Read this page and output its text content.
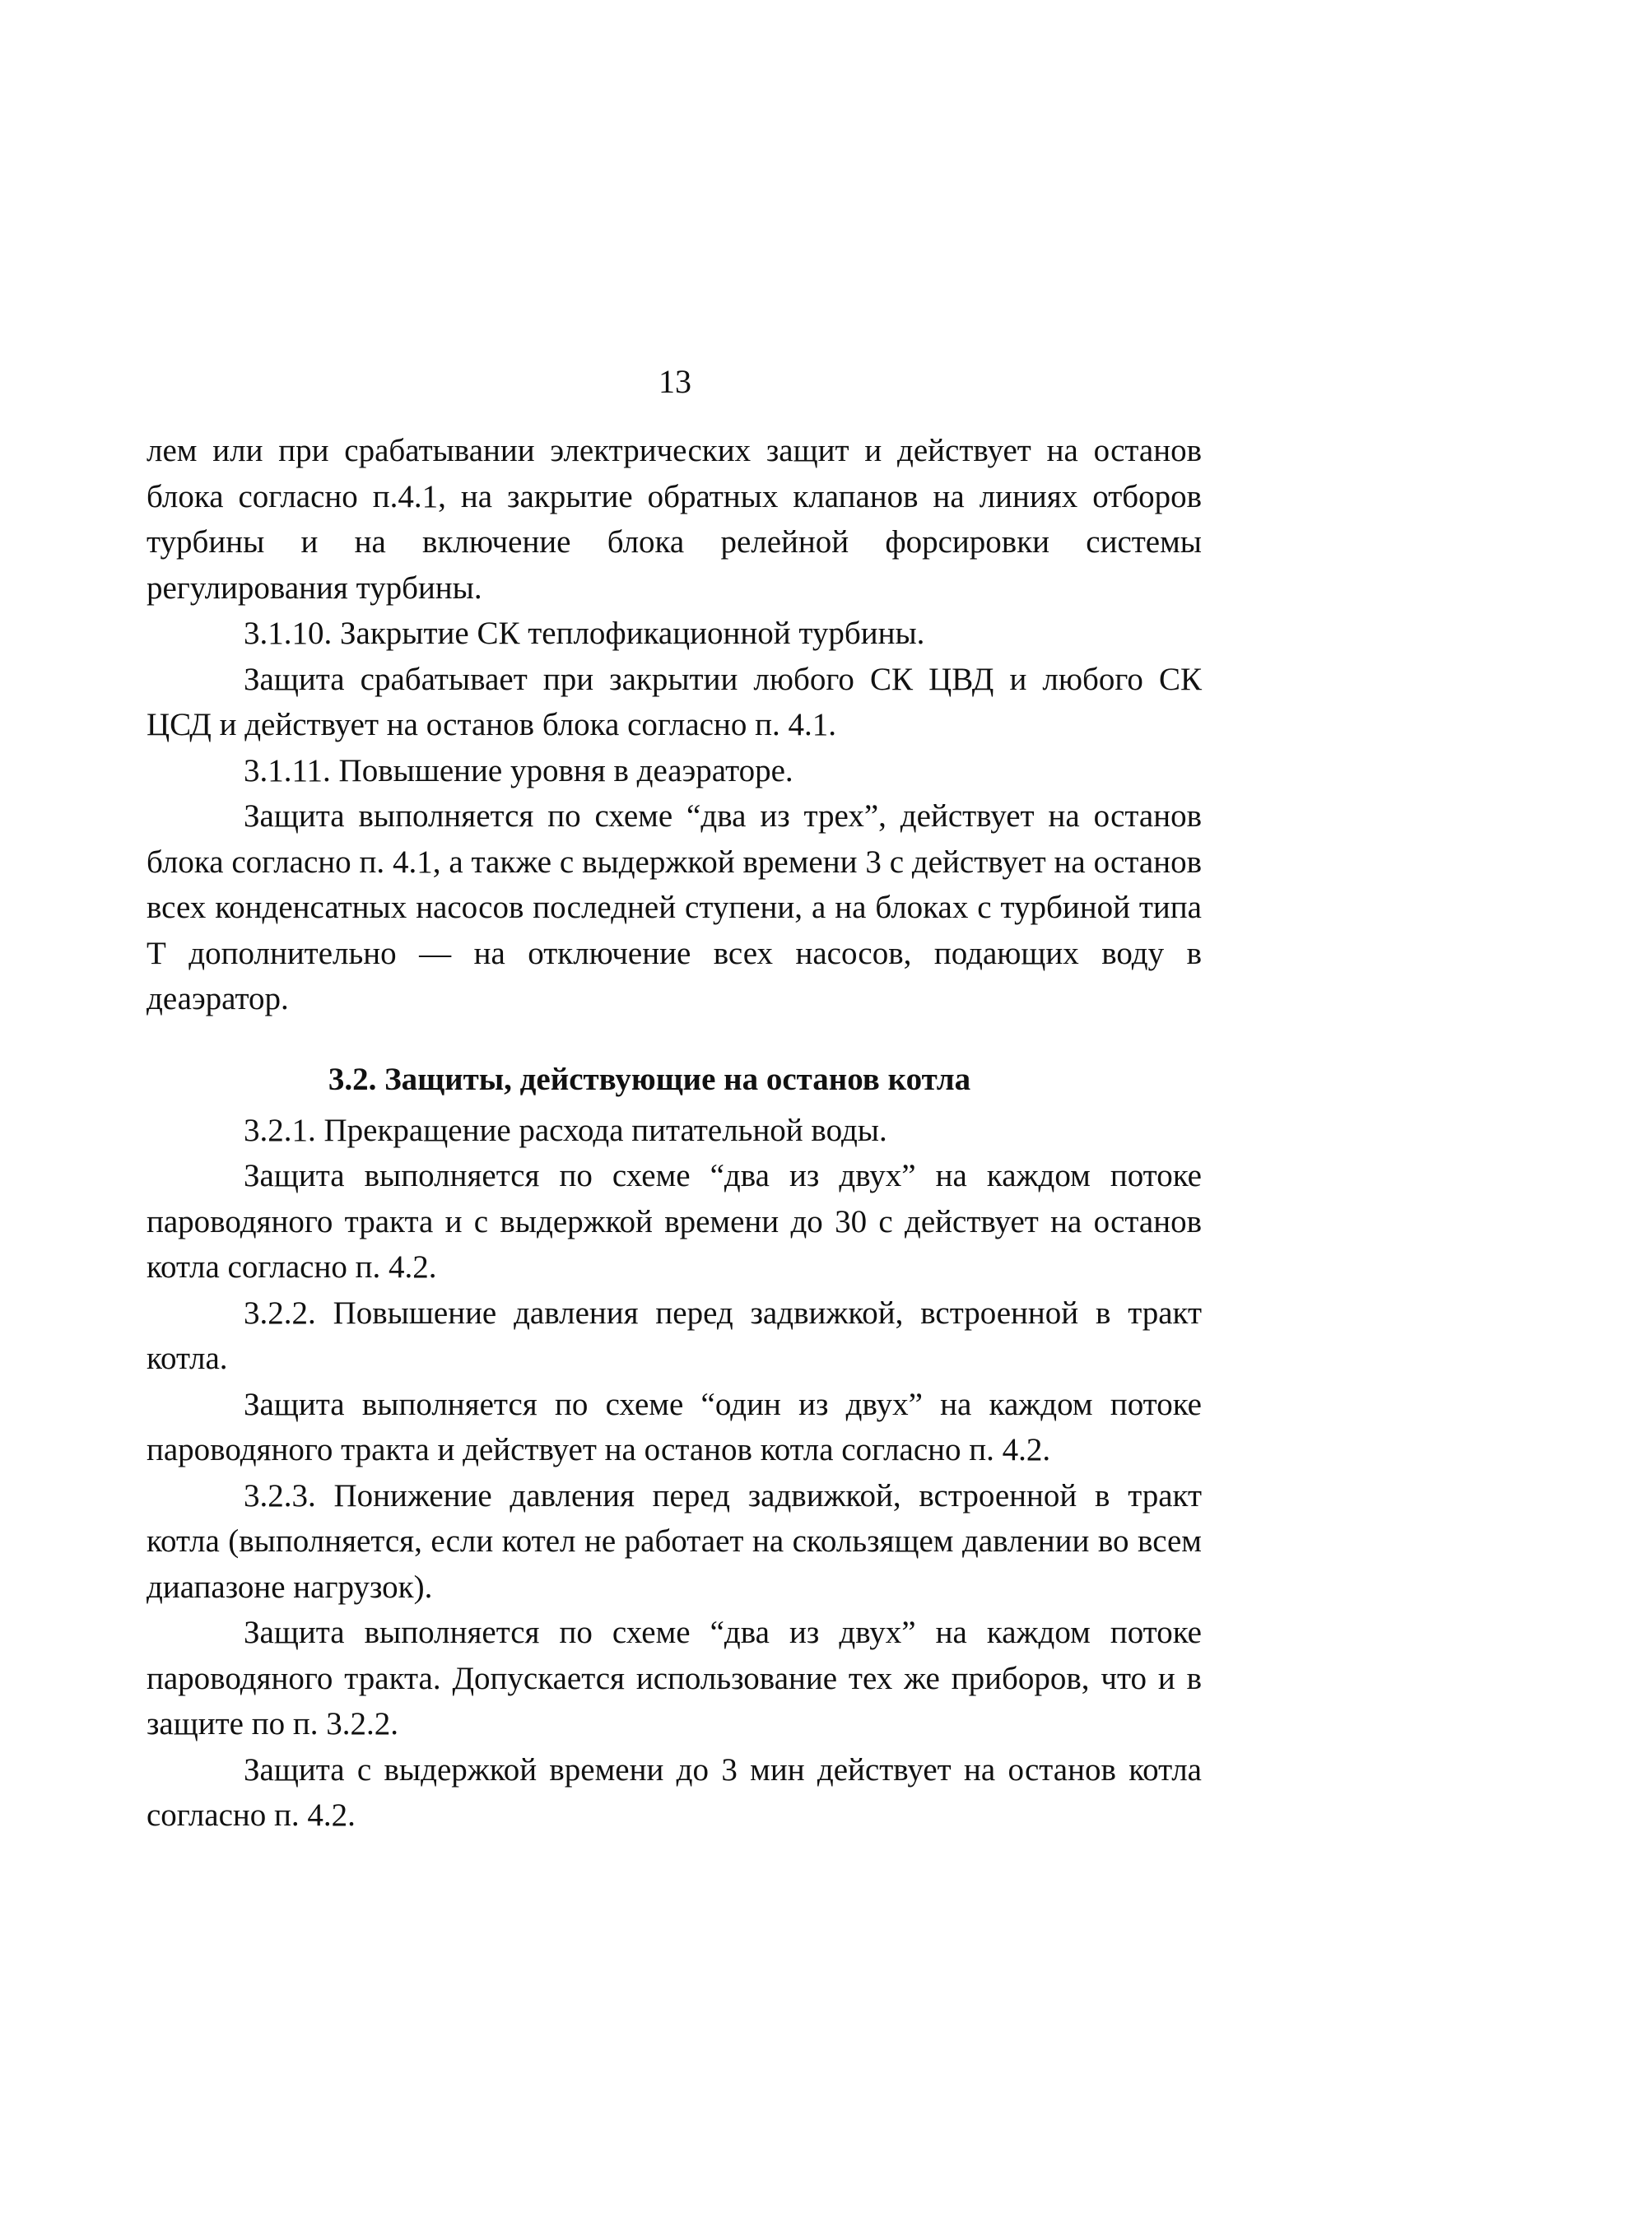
13

лем или при срабатывании электрических защит и действует на останов блока согласно п.4.1, на закрытие обратных клапанов на линиях отборов турбины и на включение блока релейной форсировки системы регулирования турбины.

3.1.10. Закрытие СК теплофикационной турбины.

Защита срабатывает при закрытии любого СК ЦВД и любого СК ЦСД и действует на останов блока согласно п. 4.1.

3.1.11. Повышение уровня в деаэраторе.

Защита выполняется по схеме “два из трех”, действует на останов блока согласно п. 4.1, а также с выдержкой времени 3 с действует на останов всех конденсатных насосов последней ступени, а на блоках с турбиной типа Т дополнительно — на отключение всех насосов, подающих воду в деаэратор.

3.2. Защиты, действующие на останов котла

3.2.1. Прекращение расхода питательной воды.

Защита выполняется по схеме “два из двух” на каждом потоке пароводяного тракта и с выдержкой времени до 30 с действует на останов котла согласно п. 4.2.

3.2.2. Повышение давления перед задвижкой, встроенной в тракт котла.

Защита выполняется по схеме “один из двух” на каждом потоке пароводяного тракта и действует на останов котла согласно п. 4.2.

3.2.3. Понижение давления перед задвижкой, встроенной в тракт котла (выполняется, если котел не работает на скользящем давлении во всем диапазоне нагрузок).

Защита выполняется по схеме “два из двух” на каждом потоке пароводяного тракта. Допускается использование тех же приборов, что и в защите по п. 3.2.2.

Защита с выдержкой времени до 3 мин действует на останов котла согласно п. 4.2.
